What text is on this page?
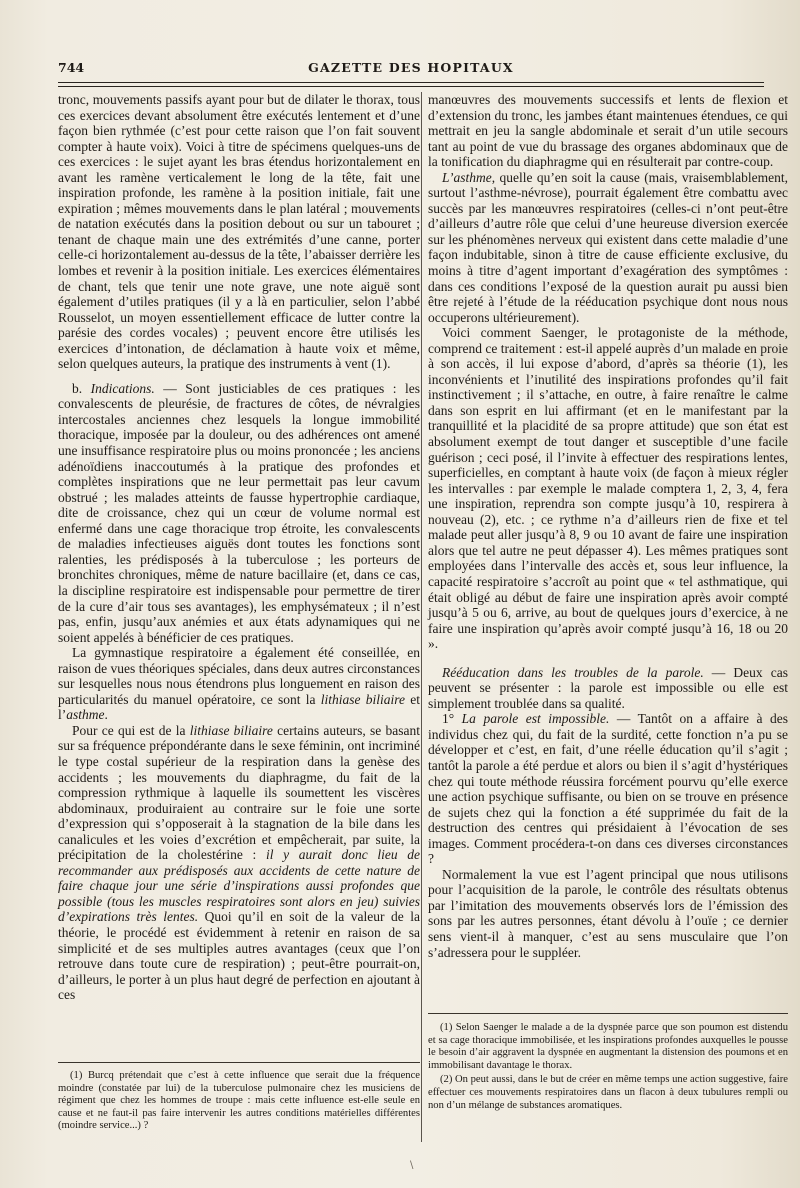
744	GAZETTE DES HOPITAUX

tronc, mouvements passifs ayant pour but de dilater le thorax, tous ces exercices devant absolument être exécutés lentement et d’une façon bien rythmée (c’est pour cette raison que l’on fait souvent compter à haute voix). Voici à titre de spécimens quelques-uns de ces exercices : le sujet ayant les bras étendus horizontalement en avant les ramène verticalement le long de la tête, fait une inspiration profonde, les ramène à la position initiale, fait une expiration ; mêmes mouvements dans le plan latéral ; mouvements de natation exécutés dans la position debout ou sur un tabouret ; tenant de chaque main une des extrémités d’une canne, porter celle-ci horizontalement au-dessus de la tête, l’abaisser derrière les lombes et revenir à la position initiale. Les exercices élémentaires de chant, tels que tenir une note grave, une note aiguë sont également d’utiles pratiques (il y a là en particulier, selon l’abbé Rousselot, un moyen essentiellement efficace de lutter contre la parésie des cordes vocales) ; peuvent encore être utilisés les exercices d’intonation, de déclamation à haute voix et même, selon quelques auteurs, la pratique des instruments à vent (1).

b. Indications. — Sont justiciables de ces pratiques : les convalescents de pleurésie, de fractures de côtes, de névralgies intercostales anciennes chez lesquels la longue immobilité thoracique, imposée par la douleur, ou des adhérences ont amené une insuffisance respiratoire plus ou moins prononcée ; les anciens adénoïdiens inaccoutumés à la pratique des profondes et complètes inspirations que ne leur permettait pas leur cavum obstrué ; les malades atteints de fausse hypertrophie cardiaque, dite de croissance, chez qui un cœur de volume normal est enfermé dans une cage thoracique trop étroite, les convalescents de maladies infectieuses aiguës dont toutes les fonctions sont ralenties, les prédisposés à la tuberculose ; les porteurs de bronchites chroniques, même de nature bacillaire (et, dans ce cas, la discipline respiratoire est indispensable pour permettre de tirer de la cure d’air tous ses avantages), les emphysémateux ; il n’est pas, enfin, jusqu’aux anémies et aux états adynamiques qui ne soient appelés à bénéficier de ces pratiques.

La gymnastique respiratoire a également été conseillée, en raison de vues théoriques spéciales, dans deux autres circonstances sur lesquelles nous nous étendrons plus longuement en raison des particularités du manuel opératoire, ce sont la lithiase biliaire et l’asthme.

Pour ce qui est de la lithiase biliaire certains auteurs, se basant sur sa fréquence prépondérante dans le sexe féminin, ont incriminé le type costal supérieur de la respiration dans la genèse des accidents ; les mouvements du diaphragme, du fait de la compression rythmique à laquelle ils soumettent les viscères abdominaux, produiraient au contraire sur le foie une sorte d’expression qui s’opposerait à la stagnation de la bile dans les canalicules et les voies d’excrétion et empêcherait, par suite, la précipitation de la cholestérine : il y aurait donc lieu de recommander aux prédisposés aux accidents de cette nature de faire chaque jour une série d’inspirations aussi profondes que possible (tous les muscles respiratoires sont alors en jeu) suivies d’expirations très lentes. Quoi qu’il en soit de la valeur de la théorie, le procédé est évidemment à retenir en raison de sa simplicité et de ses multiples autres avantages (ceux que l’on retrouve dans toute cure de respiration) ; peut-être pourrait-on, d’ailleurs, le porter à un plus haut degré de perfection en ajoutant à ces

manœuvres des mouvements successifs et lents de flexion et d’extension du tronc, les jambes étant maintenues étendues, ce qui mettrait en jeu la sangle abdominale et serait d’un utile secours tant au point de vue du brassage des organes abdominaux que de la tonification du diaphragme qui en résulterait par contre-coup.

L’asthme, quelle qu’en soit la cause (mais, vraisemblablement, surtout l’asthme-névrose), pourrait également être combattu avec succès par les manœuvres respiratoires (celles-ci n’ont peut-être d’ailleurs d’autre rôle que celui d’une heureuse diversion exercée sur les phénomènes nerveux qui existent dans cette maladie d’une façon indubitable, sinon à titre de cause efficiente exclusive, du moins à titre d’agent important d’exagération des symptômes : dans ces conditions l’exposé de la question aurait pu aussi bien être rejeté à l’étude de la rééducation psychique dont nous nous occuperons ultérieurement).

Voici comment Saenger, le protagoniste de la méthode, comprend ce traitement : est-il appelé auprès d’un malade en proie à son accès, il lui expose d’abord, d’après sa théorie (1), les inconvénients et l’inutilité des inspirations profondes qu’il fait instinctivement ; il s’attache, en outre, à faire renaître le calme dans son esprit en lui affirmant (et en le manifestant par la tranquillité et la placidité de sa propre attitude) que son état est absolument exempt de tout danger et susceptible d’une facile guérison ; ceci posé, il l’invite à effectuer des respirations lentes, superficielles, en comptant à haute voix (de façon à mieux régler les intervalles : par exemple le malade comptera 1, 2, 3, 4, fera une inspiration, reprendra son compte jusqu’à 10, respirera à nouveau (2), etc. ; ce rythme n’a d’ailleurs rien de fixe et tel malade peut aller jusqu’à 8, 9 ou 10 avant de faire une inspiration alors que tel autre ne peut dépasser 4). Les mêmes pratiques sont employées dans l’intervalle des accès et, sous leur influence, la capacité respiratoire s’accroît au point que « tel asthmatique, qui était obligé au début de faire une inspiration après avoir compté jusqu’à 5 ou 6, arrive, au bout de quelques jours d’exercice, à ne faire une inspiration qu’après avoir compté jusqu’à 16, 18 ou 20 ».

Rééducation dans les troubles de la parole. — Deux cas peuvent se présenter : la parole est impossible ou elle est simplement troublée dans sa qualité.

1° La parole est impossible. — Tantôt on a affaire à des individus chez qui, du fait de la surdité, cette fonction n’a pu se développer et c’est, en fait, d’une réelle éducation qu’il s’agit ; tantôt la parole a été perdue et alors ou bien il s’agit d’hystériques chez qui toute méthode réussira forcément pourvu qu’elle exerce une action psychique suffisante, ou bien on se trouve en présence de sujets chez qui la fonction a été supprimée du fait de la destruction des centres qui présidaient à l’évocation de ses images. Comment procédera-t-on dans ces diverses circonstances ?

Normalement la vue est l’agent principal que nous utilisons pour l’acquisition de la parole, le contrôle des résultats obtenus par l’imitation des mouvements observés lors de l’émission des sons par les autres personnes, étant dévolu à l’ouïe ; ce dernier sens vient-il à manquer, c’est au sens musculaire que l’on s’adressera pour le suppléer.

(1) Burcq prétendait que c’est à cette influence que serait due la fréquence moindre (constatée par lui) de la tuberculose pulmonaire chez les musiciens de régiment que chez les hommes de troupe : mais cette influence est-elle seule en cause et ne faut-il pas faire intervenir les autres conditions matérielles différentes (moindre service...) ?

(1) Selon Saenger le malade a de la dyspnée parce que son poumon est distendu et sa cage thoracique immobilisée, et les inspirations profondes auxquelles le pousse le besoin d’air aggravent la dyspnée en augmentant la distension des poumons et en immobilisant davantage le thorax.

(2) On peut aussi, dans le but de créer en même temps une action suggestive, faire effectuer ces mouvements respiratoires dans un flacon à deux tubulures rempli ou non d’un mélange de substances aromatiques.

\
